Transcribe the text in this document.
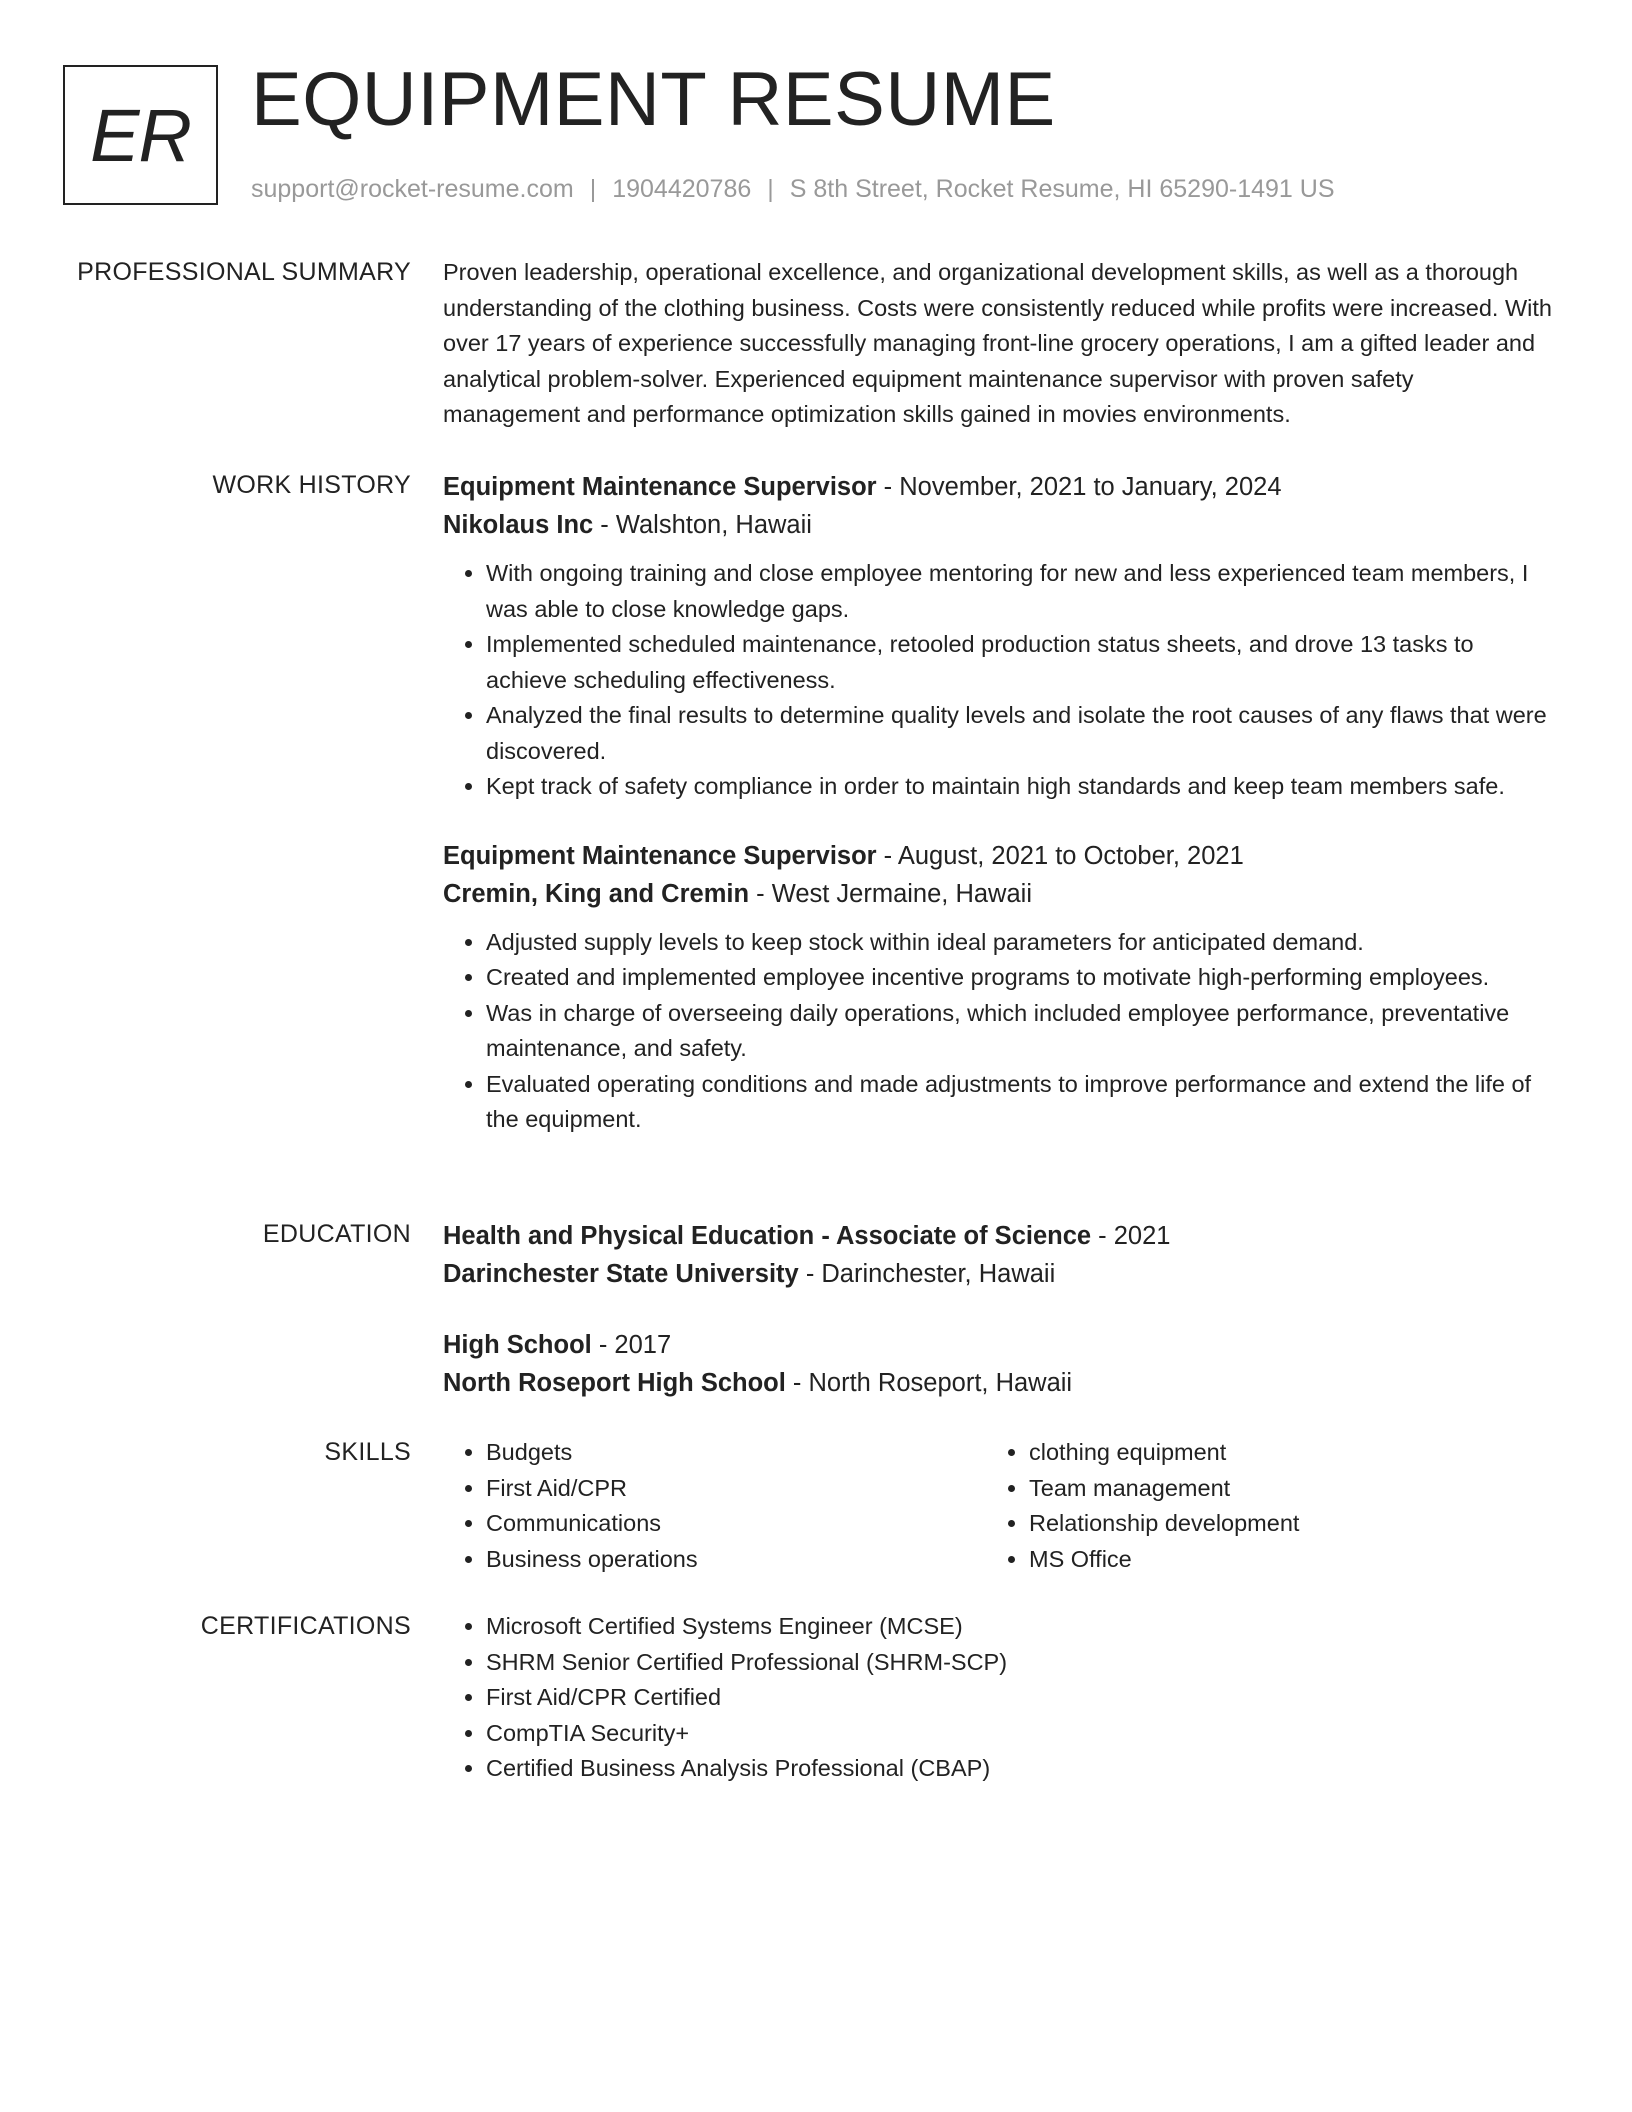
ER EQUIPMENT RESUME
support@rocket-resume.com | 1904420786 | S 8th Street, Rocket Resume, HI 65290-1491 US
PROFESSIONAL SUMMARY Proven leadership, operational excellence, and organizational development skills, as well as a thorough understanding of the clothing business. Costs were consistently reduced while profits were increased. With over 17 years of experience successfully managing front-line grocery operations, I am a gifted leader and analytical problem-solver. Experienced equipment maintenance supervisor with proven safety management and performance optimization skills gained in movies environments.

WORK HISTORY Equipment Maintenance Supervisor - November, 2021 to January, 2024
Nikolaus Inc - Walshton, Hawaii
• With ongoing training and close employee mentoring for new and less experienced team members, I was able to close knowledge gaps.
• Implemented scheduled maintenance, retooled production status sheets, and drove 13 tasks to achieve scheduling effectiveness.
• Analyzed the final results to determine quality levels and isolate the root causes of any flaws that were discovered.
• Kept track of safety compliance in order to maintain high standards and keep team members safe.
Equipment Maintenance Supervisor - August, 2021 to October, 2021
Cremin, King and Cremin - West Jermaine, Hawaii
• Adjusted supply levels to keep stock within ideal parameters for anticipated demand.
• Created and implemented employee incentive programs to motivate high-performing employees.
• Was in charge of overseeing daily operations, which included employee performance, preventative maintenance, and safety.
• Evaluated operating conditions and made adjustments to improve performance and extend the life of the equipment.
EDUCATION Health and Physical Education - Associate of Science - 2021
Darinchester State University - Darinchester, Hawaii
High School - 2017
North Roseport High School - North Roseport, Hawaii
SKILLS	• Budgets
• First Aid/CPR
• Communications
• Business operations
• clothing equipment
• Team management
• Relationship development
• MS Office
CERTIFICATIONS	• Microsoft Certified Systems Engineer (MCSE)
• SHRM Senior Certified Professional (SHRM-SCP)
• First Aid/CPR Certified
• CompTIA Security+
• Certified Business Analysis Professional (CBAP)
